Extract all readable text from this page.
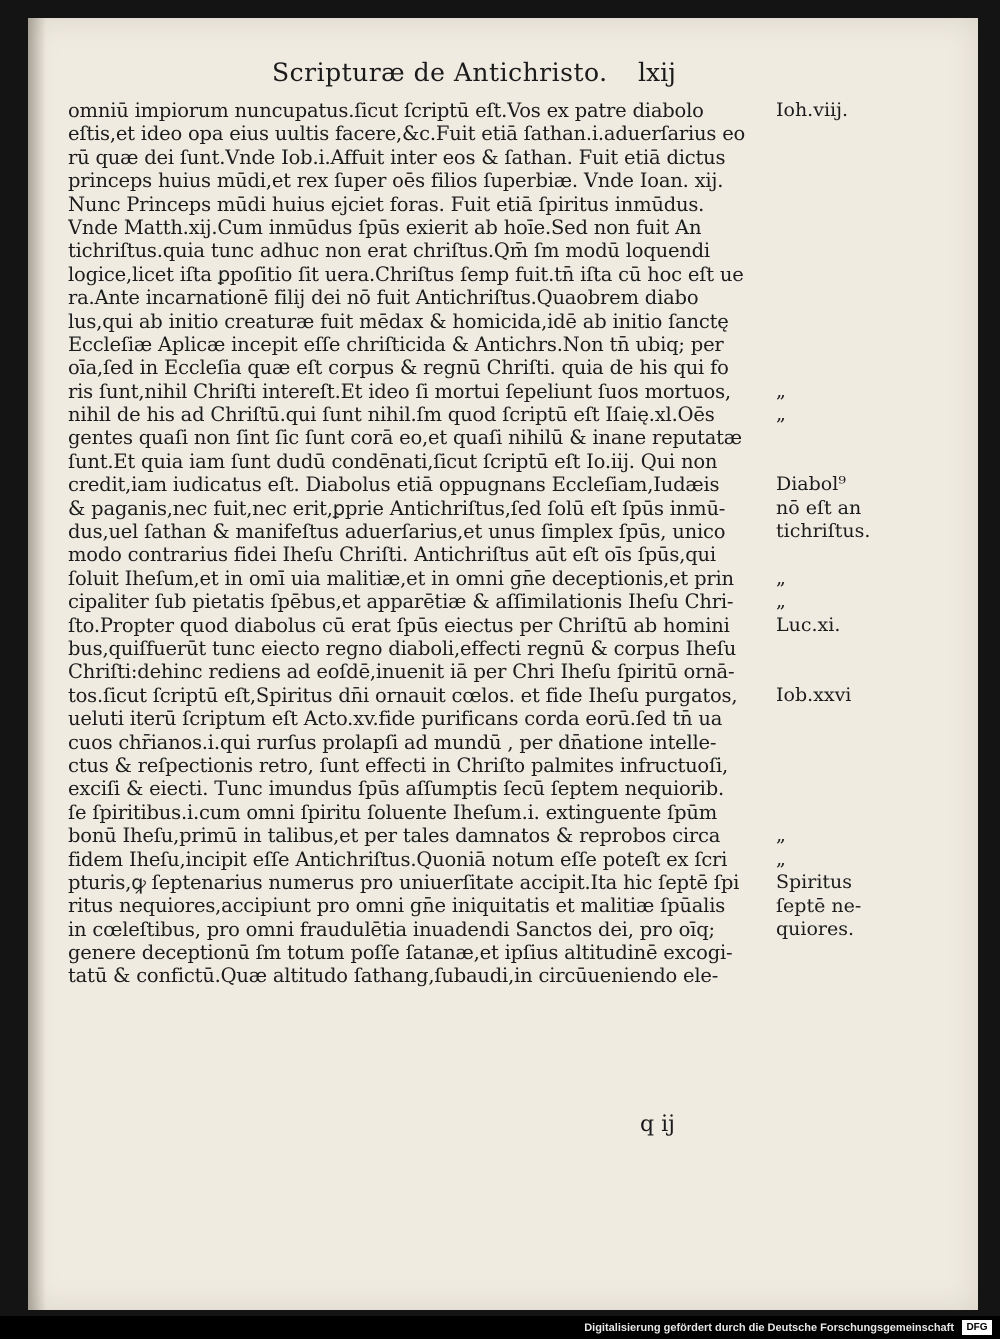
Scripturæ de Antichristo. lxij
omniū impiorum nuncupatus.ſicut ſcriptū eſt.Vos ex patre diabolo
eſtis,et ideo opa eius uultis facere,&c.Fuit etiā ſathan.i.aduerſarius eo
rū quæ dei ſunt.Vnde Iob.i.Affuit inter eos & ſathan. Fuit etiā dictus
princeps huius mūdi,et rex ſuper oēs filios ſuperbiæ. Vnde Ioan. xij.
Nunc Princeps mūdi huius ejciet foras. Fuit etiā ſpiritus inmūdus.
Vnde Matth.xij.Cum inmūdus ſpūs exierit ab hoīe.Sed non fuit An
tichriſtus.quia tunc adhuc non erat chriſtus.Qm̄ ſm modū loquendi
logice,licet iſta ꝑpoſitio ſit uera.Chriſtus ſemp fuit.tn̄ iſta cū hoc eſt ue
ra.Ante incarnationē filij dei nō fuit Antichriſtus.Quaobrem diabo
lus,qui ab initio creaturæ fuit mēdax & homicida,idē ab initio ſanctę
Eccleſiæ Aplicæ incepit eſſe chriſticida & Antichrs.Non tn̄ ubiq; per
oīa,ſed in Eccleſia quæ eſt corpus & regnū Chriſti. quia de his qui fo
ris ſunt,nihil Chriſti intereſt.Et ideo ſi mortui ſepeliunt ſuos mortuos,
nihil de his ad Chriſtū.qui ſunt nihil.ſm quod ſcriptū eſt Iſaię.xl.Oēs
gentes quaſi non ſint ſic ſunt corā eo,et quaſi nihilū & inane reputatæ
ſunt.Et quia iam ſunt dudū condēnati,ſicut ſcriptū eſt Io.iij. Qui non
credit,iam iudicatus eſt. Diabolus etiā oppugnans Eccleſiam,Iudæis
& paganis,nec fuit,nec erit,ꝑprie Antichriſtus,ſed ſolū eſt ſpūs inmū-
dus,uel ſathan & manifeſtus aduerſarius,et unus ſimplex ſpūs, unico
modo contrarius fidei Iheſu Chriſti. Antichriſtus aūt eſt oīs ſpūs,qui
ſoluit Iheſum,et in omī uia malitiæ,et in omni gn̄e deceptionis,et prin
cipaliter ſub pietatis ſpēbus,et apparētiæ & aſſimilationis Iheſu Chri-
ſto.Propter quod diabolus cū erat ſpūs eiectus per Chriſtū ab homini
bus,quiſfuerūt tunc eiecto regno diaboli,effecti regnū & corpus Iheſu
Chriſti:dehinc rediens ad eoſdē,inuenit iā per Chri Iheſu ſpiritū ornā-
tos.ſicut ſcriptū eſt,Spiritus dn̄i ornauit cœlos. et fide Iheſu purgatos,
ueluti iterū ſcriptum eſt Acto.xv.fide purificans corda eorū.ſed tn̄ ua
cuos chr̄ianos.i.qui rurſus prolapſi ad mundū , per dn̄atione intelle-
ctus & reſpectionis retro, ſunt effecti in Chriſto palmites infructuoſi,
exciſi & eiecti. Tunc imundus ſpūs aſſumptis ſecū ſeptem nequiorib.
ſe ſpiritibus.i.cum omni ſpiritu ſoluente Iheſum.i. extinguente ſpūm
bonū Iheſu,primū in talibus,et per tales damnatos & reprobos circa
fidem Iheſu,incipit eſſe Antichriſtus.Quoniā notum eſſe poteſt ex ſcri
pturis,ꝙ ſeptenarius numerus pro uniuerſitate accipit.Ita hic ſeptē ſpi
ritus nequiores,accipiunt pro omni gn̄e iniquitatis et malitiæ ſpūalis
in cœleſtibus, pro omni fraudulētia inuadendi Sanctos dei, pro oīq;
genere deceptionū ſm totum poſſe ſatanæ,et ipſius altitudinē excogi-
tatū & confictū.Quæ altitudo ſathang,ſubaudi,in circūueniendo ele-
Ioh.viij.
„
„
Diabol⁹
nō eſt an
tichriſtus.
„
„
Luc.xi.
Iob.xxvi
„
„
Spiritus
ſeptē ne-
quiores.
q ij
Digitalisierung gefördert durch die Deutsche Forschungsgemeinschaft	DFG
